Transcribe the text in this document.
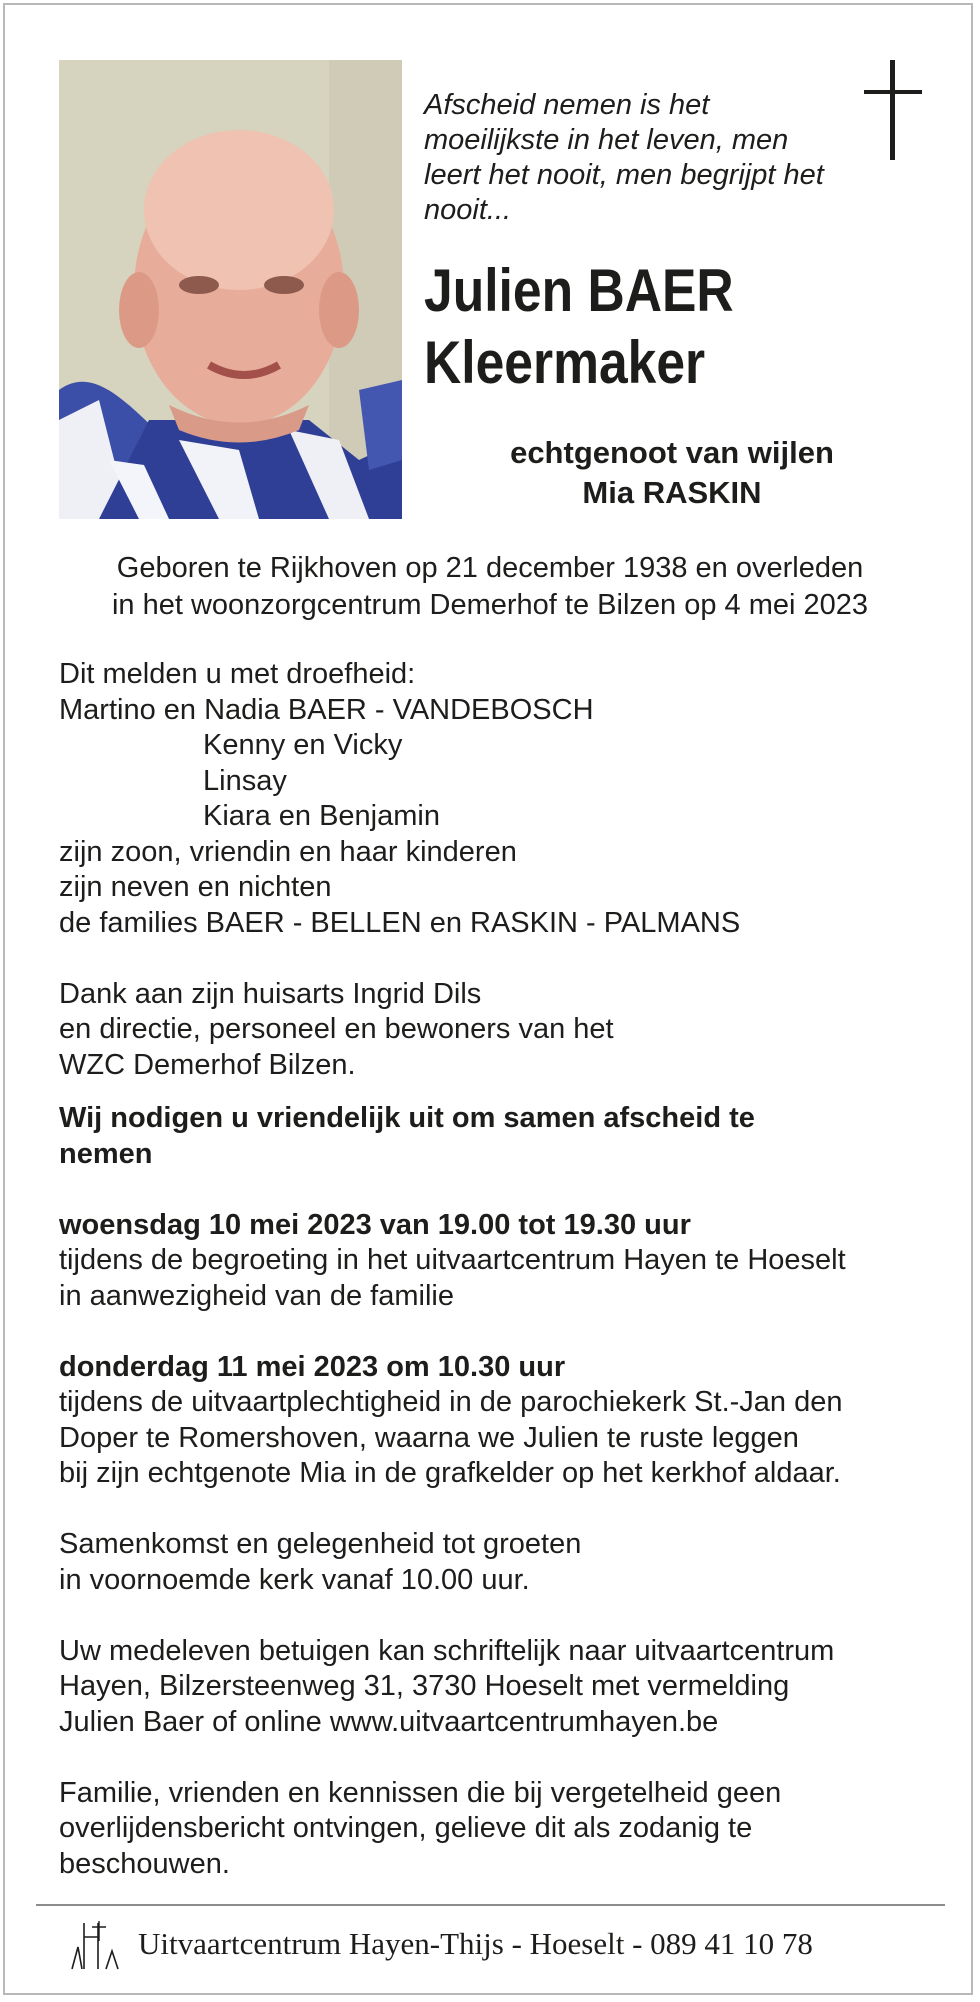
Afscheid nemen is het
moeilijkste in het leven, men
leert het nooit, men begrijpt het
nooit...
Julien BAER
Kleermaker
echtgenoot van wijlen
Mia RASKIN
Geboren te Rijkhoven op 21 december 1938 en overleden
in het woonzorgcentrum Demerhof te Bilzen op 4 mei 2023
Dit melden u met droefheid:
Martino en Nadia BAER - VANDEBOSCH
Kenny en Vicky
Linsay
Kiara en Benjamin
zijn zoon, vriendin en haar kinderen
zijn neven en nichten
de families BAER - BELLEN en RASKIN - PALMANS
Dank aan zijn huisarts Ingrid Dils
en directie, personeel en bewoners van het
WZC Demerhof Bilzen.
Wij nodigen u vriendelijk uit om samen afscheid te
nemen
woensdag 10 mei 2023 van 19.00 tot 19.30 uur
tijdens de begroeting in het uitvaartcentrum Hayen te Hoeselt
in aanwezigheid van de familie
donderdag 11 mei 2023 om 10.30 uur
tijdens de uitvaartplechtigheid in de parochiekerk St.-Jan den
Doper te Romershoven, waarna we Julien te ruste leggen
bij zijn echtgenote Mia in de grafkelder op het kerkhof aldaar.
Samenkomst en gelegenheid tot groeten
in voornoemde kerk vanaf 10.00 uur.
Uw medeleven betuigen kan schriftelijk naar uitvaartcentrum
Hayen, Bilzersteenweg 31, 3730 Hoeselt met vermelding
Julien Baer of online www.uitvaartcentrumhayen.be
Familie, vrienden en kennissen die bij vergetelheid geen
overlijdensbericht ontvingen, gelieve dit als zodanig te
beschouwen.
Uitvaartcentrum Hayen-Thijs - Hoeselt - 089 41 10 78
